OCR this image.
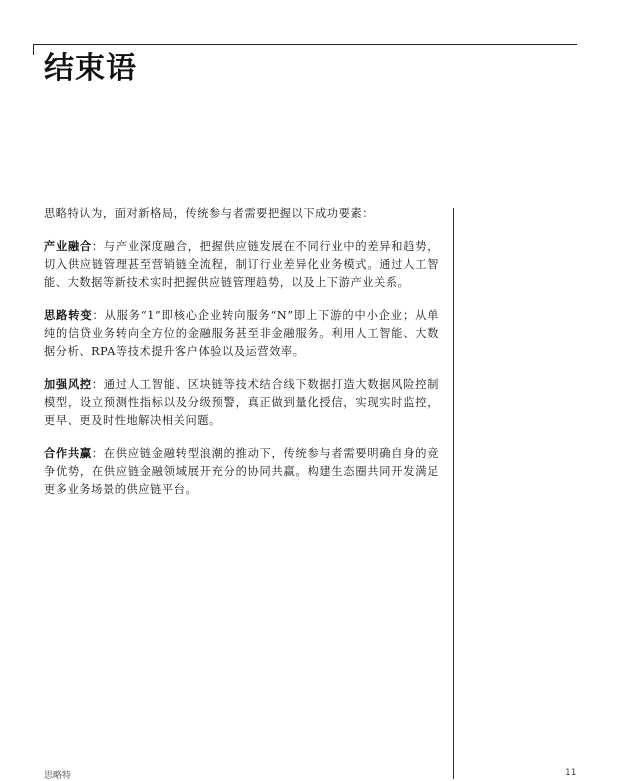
结束语

思略特认为，面对新格局，传统参与者需要把握以下成功要素：

产业融合：与产业深度融合，把握供应链发展在不同行业中的差异和趋势，切入供应链管理甚至营销链全流程，制订行业差异化业务模式。通过人工智能、大数据等新技术实时把握供应链管理趋势，以及上下游产业关系。

思路转变：从服务“1”即核心企业转向服务“N”即上下游的中小企业；从单纯的信贷业务转向全方位的金融服务甚至非金融服务。利用人工智能、大数据分析、RPA等技术提升客户体验以及运营效率。

加强风控：通过人工智能、区块链等技术结合线下数据打造大数据风险控制模型，设立预测性指标以及分级预警，真正做到量化授信，实现实时监控，更早、更及时性地解决相关问题。

合作共赢：在供应链金融转型浪潮的推动下，传统参与者需要明确自身的竞争优势，在供应链金融领域展开充分的协同共赢。构建生态圈共同开发满足更多业务场景的供应链平台。

思略特	11
